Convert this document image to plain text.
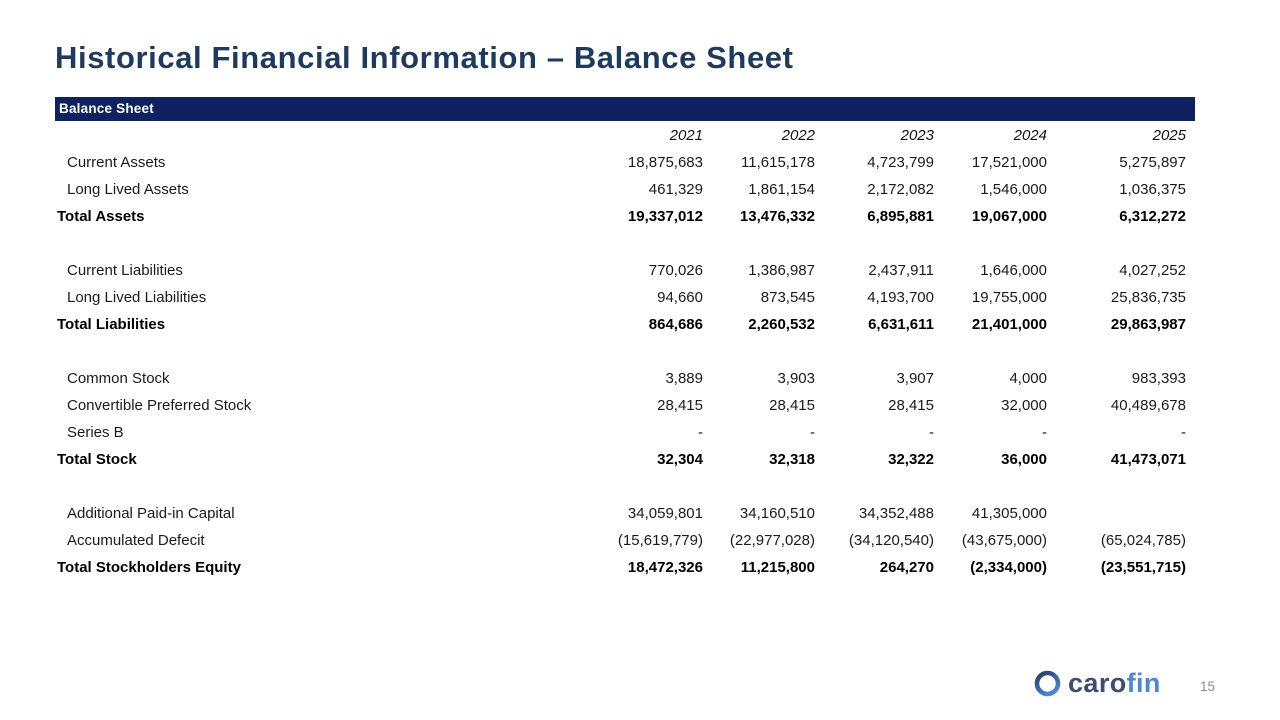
Historical Financial Information – Balance Sheet
Balance Sheet
	2021	2022	2023	2024	2025
Current Assets	18,875,683	11,615,178	4,723,799	17,521,000	5,275,897
Long Lived Assets	461,329	1,861,154	2,172,082	1,546,000	1,036,375
Total Assets	19,337,012	13,476,332	6,895,881	19,067,000	6,312,272

Current Liabilities	770,026	1,386,987	2,437,911	1,646,000	4,027,252
Long Lived Liabilities	94,660	873,545	4,193,700	19,755,000	25,836,735
Total Liabilities	864,686	2,260,532	6,631,611	21,401,000	29,863,987

Common Stock	3,889	3,903	3,907	4,000	983,393
Convertible Preferred Stock	28,415	28,415	28,415	32,000	40,489,678
Series B	-	-	-	-	-
Total Stock	32,304	32,318	32,322	36,000	41,473,071

Additional Paid-in Capital	34,059,801	34,160,510	34,352,488	41,305,000	
Accumulated Defecit	(15,619,779)	(22,977,028)	(34,120,540)	(43,675,000)	(65,024,785)
Total Stockholders Equity	18,472,326	11,215,800	264,270	(2,334,000)	(23,551,715)
carofin	15
